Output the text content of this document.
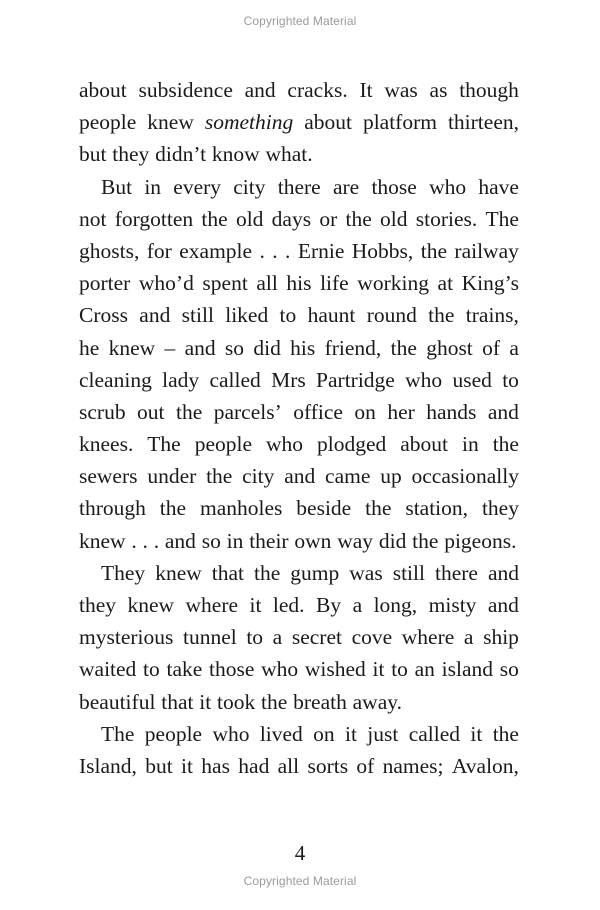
Copyrighted Material
about subsidence and cracks. It was as though
people knew something about platform thirteen,
but they didn’t know what.
But in every city there are those who have
not forgotten the old days or the old stories. The
ghosts, for example . . . Ernie Hobbs, the railway
porter who’d spent all his life working at King’s
Cross and still liked to haunt round the trains,
he knew – and so did his friend, the ghost of a
cleaning lady called Mrs Partridge who used to
scrub out the parcels’ office on her hands and
knees. The people who plodged about in the
sewers under the city and came up occasionally
through the manholes beside the station, they
knew . . . and so in their own way did the pigeons.
They knew that the gump was still there and
they knew where it led. By a long, misty and
mysterious tunnel to a secret cove where a ship
waited to take those who wished it to an island so
beautiful that it took the breath away.
The people who lived on it just called it the
Island, but it has had all sorts of names; Avalon,
4
Copyrighted Material
